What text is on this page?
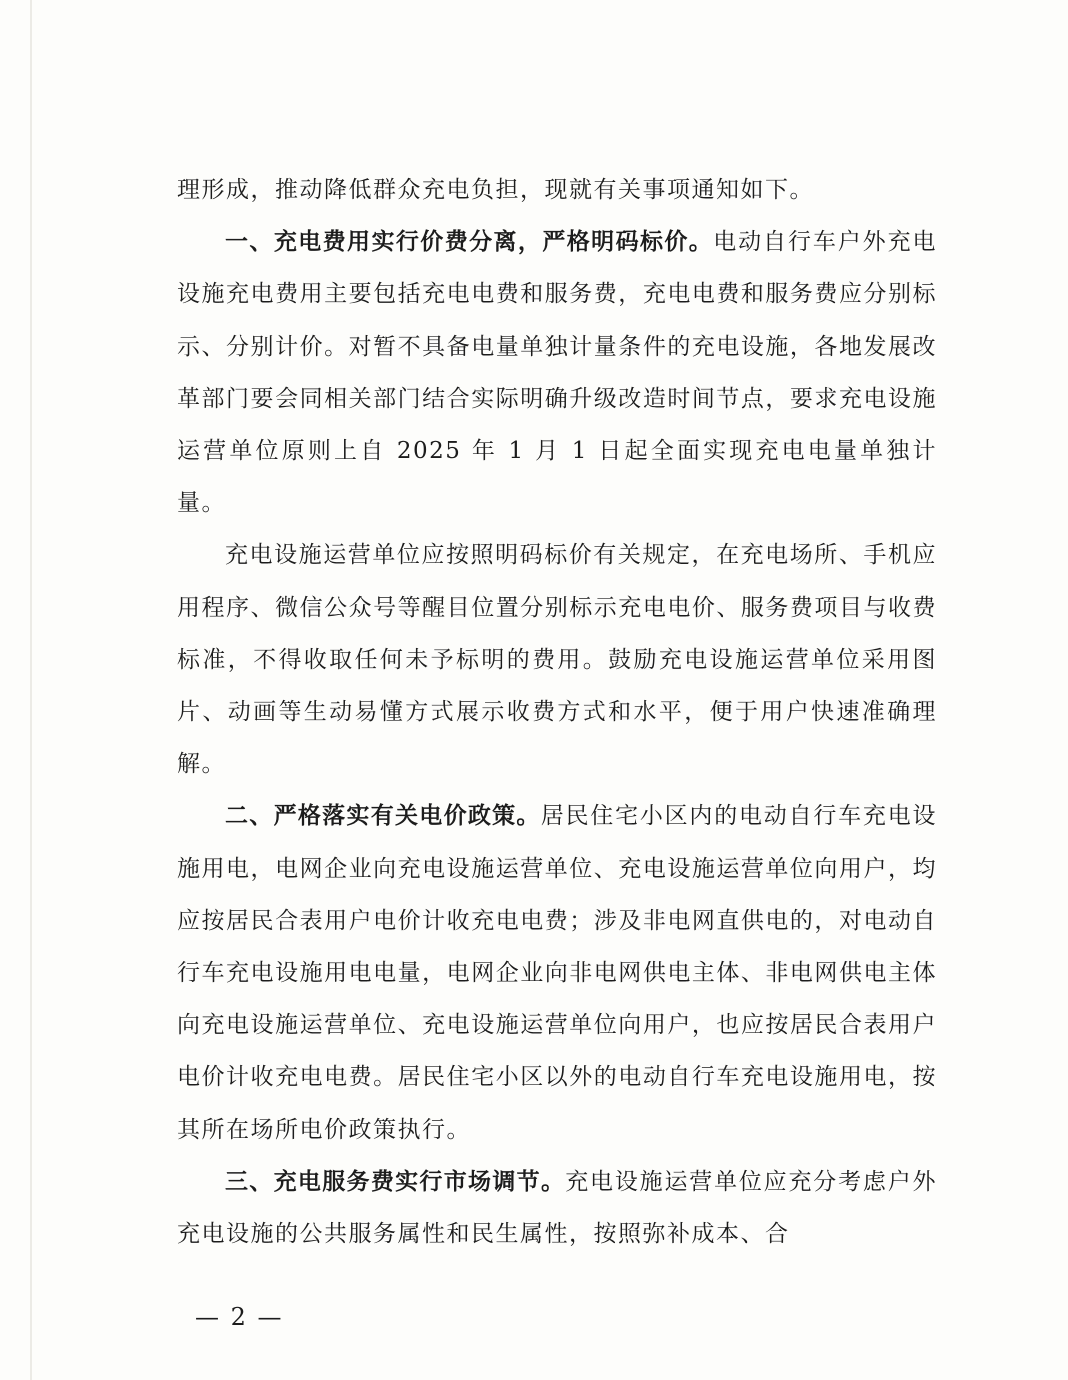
理形成，推动降低群众充电负担，现就有关事项通知如下。

一、充电费用实行价费分离，严格明码标价。电动自行车户外充电设施充电费用主要包括充电电费和服务费，充电电费和服务费应分别标示、分别计价。对暂不具备电量单独计量条件的充电设施，各地发展改革部门要会同相关部门结合实际明确升级改造时间节点，要求充电设施运营单位原则上自 2025 年 1 月 1 日起全面实现充电电量单独计量。

充电设施运营单位应按照明码标价有关规定，在充电场所、手机应用程序、微信公众号等醒目位置分别标示充电电价、服务费项目与收费标准，不得收取任何未予标明的费用。鼓励充电设施运营单位采用图片、动画等生动易懂方式展示收费方式和水平，便于用户快速准确理解。

二、严格落实有关电价政策。居民住宅小区内的电动自行车充电设施用电，电网企业向充电设施运营单位、充电设施运营单位向用户，均应按居民合表用户电价计收充电电费；涉及非电网直供电的，对电动自行车充电设施用电电量，电网企业向非电网供电主体、非电网供电主体向充电设施运营单位、充电设施运营单位向用户，也应按居民合表用户电价计收充电电费。居民住宅小区以外的电动自行车充电设施用电，按其所在场所电价政策执行。

三、充电服务费实行市场调节。充电设施运营单位应充分考虑户外充电设施的公共服务属性和民生属性，按照弥补成本、合

— 2 —
